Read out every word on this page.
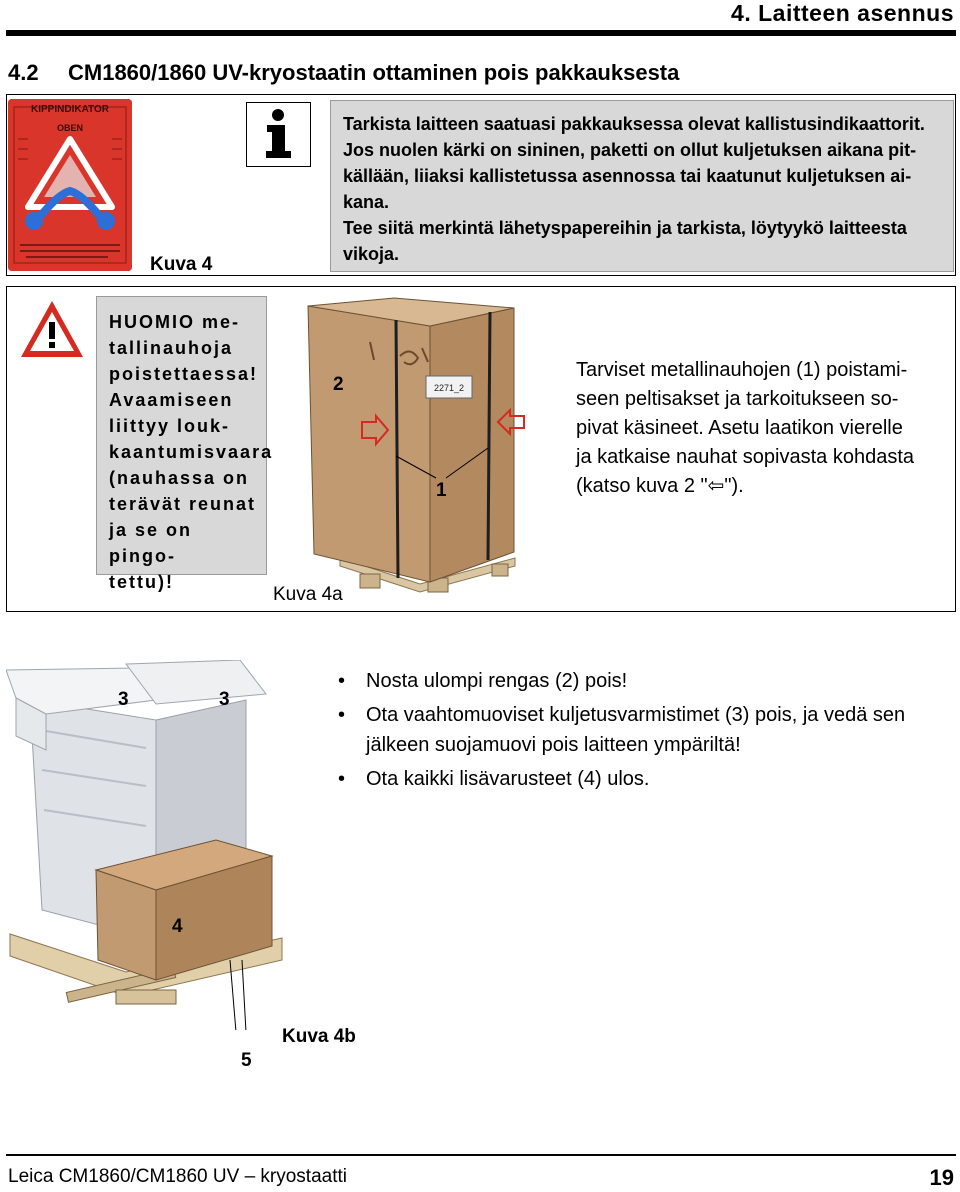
4. Laitteen asennus
4.2 CM1860/1860 UV-kryostaatin ottaminen pois pakkauksesta
KIPPINDIKATOR
OBEN
Kuva 4

Tarkista laitteen saatuasi pakkauksessa olevat kallistusindikaattorit.

Jos nuolen kärki on sininen, paketti on ollut kuljetuksen aikana pit-

källään, liiaksi kallistetussa asennossa tai kaatunut kuljetuksen ai-

kana.

Tee siitä merkintä lähetyspapereihin ja tarkista, löytyykö laitteesta

vikoja.

HUOMIO me-

tallinauhoja

poistettaessa!

Avaamiseen

liittyy louk-

kaantumisvaara

(nauhassa on

terävät reunat

ja se on pingo-

tettu)!

2271_2
2
1
Kuva 4a

Tarviset metallinauhojen (1) poistami-

seen peltisakset ja tarkoitukseen so-

pivat käsineet. Asetu laatikon vierelle

ja katkaise nauhat sopivasta kohdasta

(katso kuva 2 "⇦").

3	3
4
5
Kuva 4b
• Nosta ulompi rengas (2) pois!
• Ota vaahtomuoviset kuljetusvarmistimet (3) pois, ja vedä sen jälkeen suojamuovi pois laitteen ympäriltä!
• Ota kaikki lisävarusteet (4) ulos.
Leica CM1860/CM1860 UV – kryostaatti	19
